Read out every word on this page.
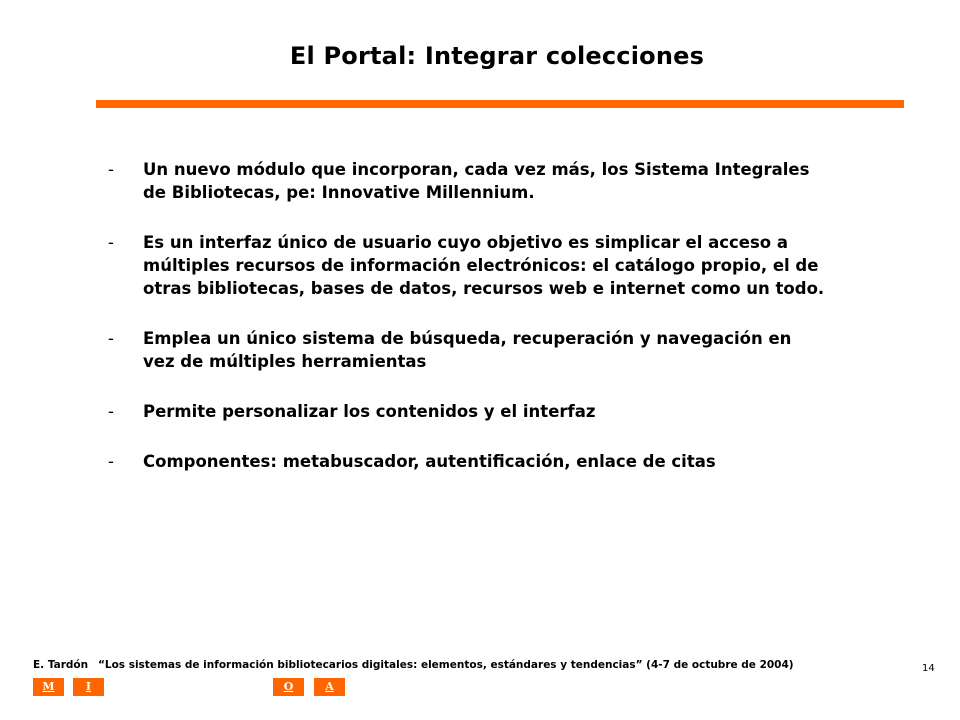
El Portal: Integrar colecciones
- Un nuevo módulo que incorporan, cada vez más, los Sistema Integrales
de Bibliotecas, pe: Innovative Millennium.
- Es un interfaz único de usuario cuyo objetivo es simplicar el acceso a
múltiples recursos de información electrónicos: el catálogo propio, el de
otras bibliotecas, bases de datos, recursos web e internet como un todo.
- Emplea un único sistema de búsqueda, recuperación y navegación en
vez de múltiples herramientas
- Permite personalizar los contenidos y el interfaz
- Componentes: metabuscador, autentificación, enlace de citas
E. Tardón “Los sistemas de información bibliotecarios digitales: elementos, estándares y tendencias” (4-7 de octubre de 2004)	14
M	I	O	A
